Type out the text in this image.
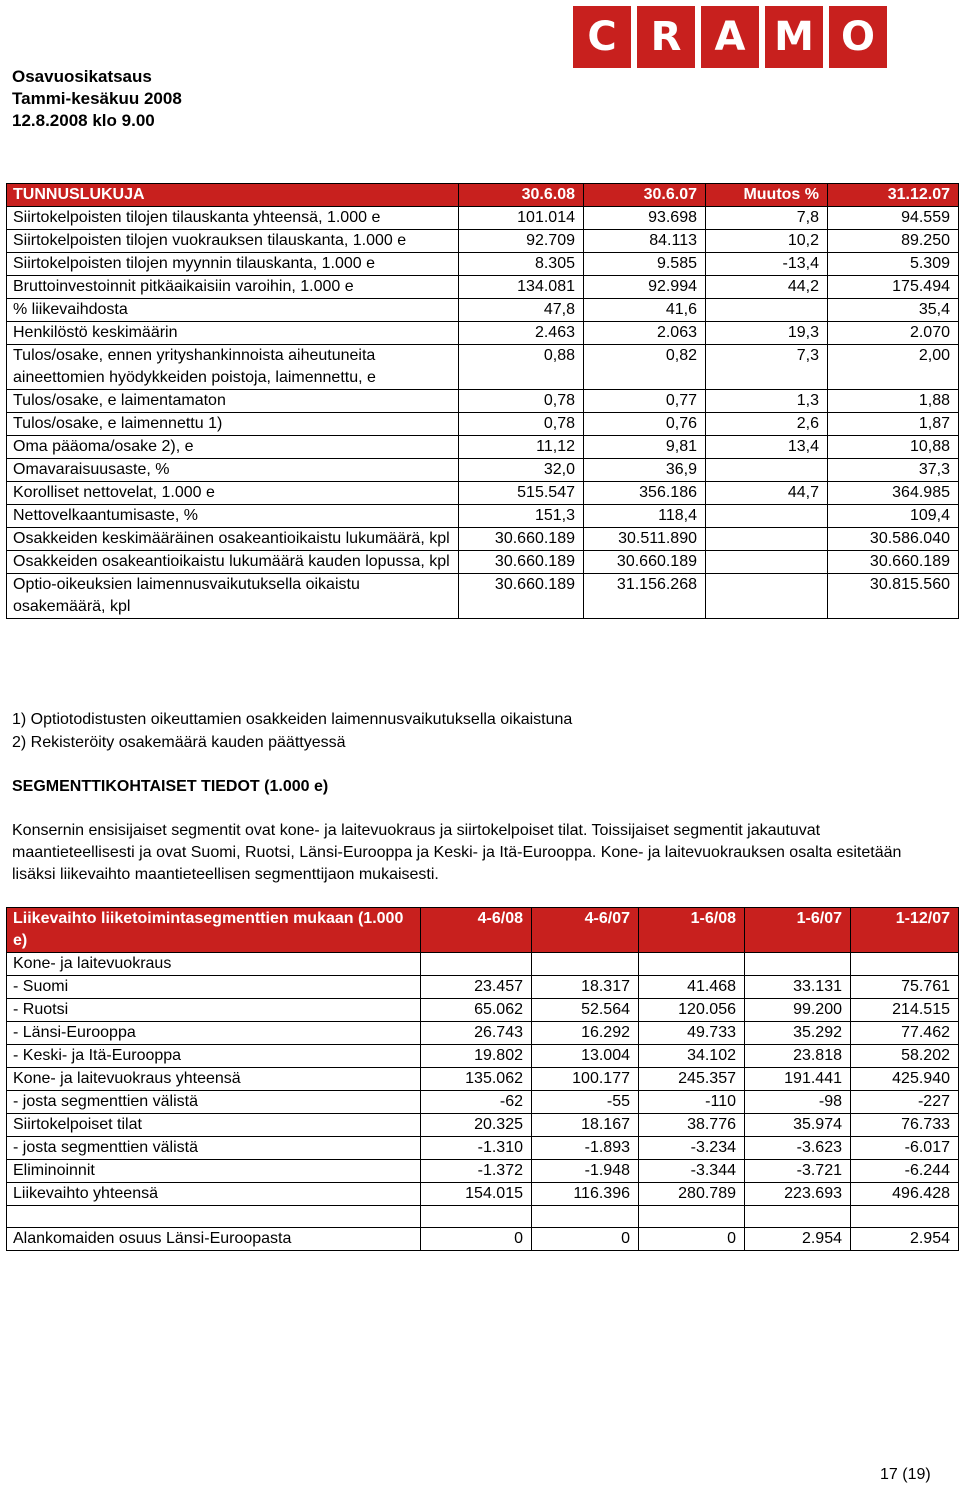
Osavuosikatsaus
Tammi-kesäkuu 2008
12.8.2008 klo 9.00
C R A M O
TUNNUSLUKUJA	30.6.08	30.6.07	Muutos %	31.12.07
Siirtokelpoisten tilojen tilauskanta yhteensä, 1.000 e	101.014	93.698	7,8	94.559
Siirtokelpoisten tilojen vuokrauksen tilauskanta, 1.000 e	92.709	84.113	10,2	89.250
Siirtokelpoisten tilojen myynnin tilauskanta, 1.000 e	8.305	9.585	-13,4	5.309
Bruttoinvestoinnit pitkäaikaisiin varoihin, 1.000 e	134.081	92.994	44,2	175.494
% liikevaihdosta	47,8	41,6		35,4
Henkilöstö keskimäärin	2.463	2.063	19,3	2.070
Tulos/osake, ennen yrityshankinnoista aiheutuneita aineettomien hyödykkeiden poistoja, laimennettu, e	0,88	0,82	7,3	2,00
Tulos/osake, e laimentamaton	0,78	0,77	1,3	1,88
Tulos/osake, e laimennettu 1)	0,78	0,76	2,6	1,87
Oma pääoma/osake 2), e	11,12	9,81	13,4	10,88
Omavaraisuusaste, %	32,0	36,9		37,3
Korolliset nettovelat, 1.000 e	515.547	356.186	44,7	364.985
Nettovelkaantumisaste, %	151,3	118,4		109,4
Osakkeiden keskimääräinen osakeantioikaistu lukumäärä, kpl	30.660.189	30.511.890		30.586.040
Osakkeiden osakeantioikaistu lukumäärä kauden lopussa, kpl	30.660.189	30.660.189		30.660.189
Optio-oikeuksien laimennusvaikutuksella oikaistu osakemäärä, kpl	30.660.189	31.156.268		30.815.560
1) Optiotodistusten oikeuttamien osakkeiden laimennusvaikutuksella oikaistuna
2) Rekisteröity osakemäärä kauden päättyessä
SEGMENTTIKOHTAISET TIEDOT (1.000 e)
Konsernin ensisijaiset segmentit ovat kone- ja laitevuokraus ja siirtokelpoiset tilat. Toissijaiset segmentit jakautuvat maantieteellisesti ja ovat Suomi, Ruotsi, Länsi-Eurooppa ja Keski- ja Itä-Eurooppa. Kone- ja laitevuokrauksen osalta esitetään lisäksi liikevaihto maantieteellisen segmenttijaon mukaisesti.
Liikevaihto liiketoimintasegmenttien mukaan (1.000 e)	4-6/08	4-6/07	1-6/08	1-6/07	1-12/07
Kone- ja laitevuokraus					
- Suomi	23.457	18.317	41.468	33.131	75.761
- Ruotsi	65.062	52.564	120.056	99.200	214.515
- Länsi-Eurooppa	26.743	16.292	49.733	35.292	77.462
- Keski- ja Itä-Eurooppa	19.802	13.004	34.102	23.818	58.202
Kone- ja laitevuokraus yhteensä	135.062	100.177	245.357	191.441	425.940
- josta segmenttien välistä	-62	-55	-110	-98	-227
Siirtokelpoiset tilat	20.325	18.167	38.776	35.974	76.733
- josta segmenttien välistä	-1.310	-1.893	-3.234	-3.623	-6.017
Eliminoinnit	-1.372	-1.948	-3.344	-3.721	-6.244
Liikevaihto yhteensä	154.015	116.396	280.789	223.693	496.428

Alankomaiden osuus Länsi-Euroopasta	0	0	0	2.954	2.954
17 (19)
